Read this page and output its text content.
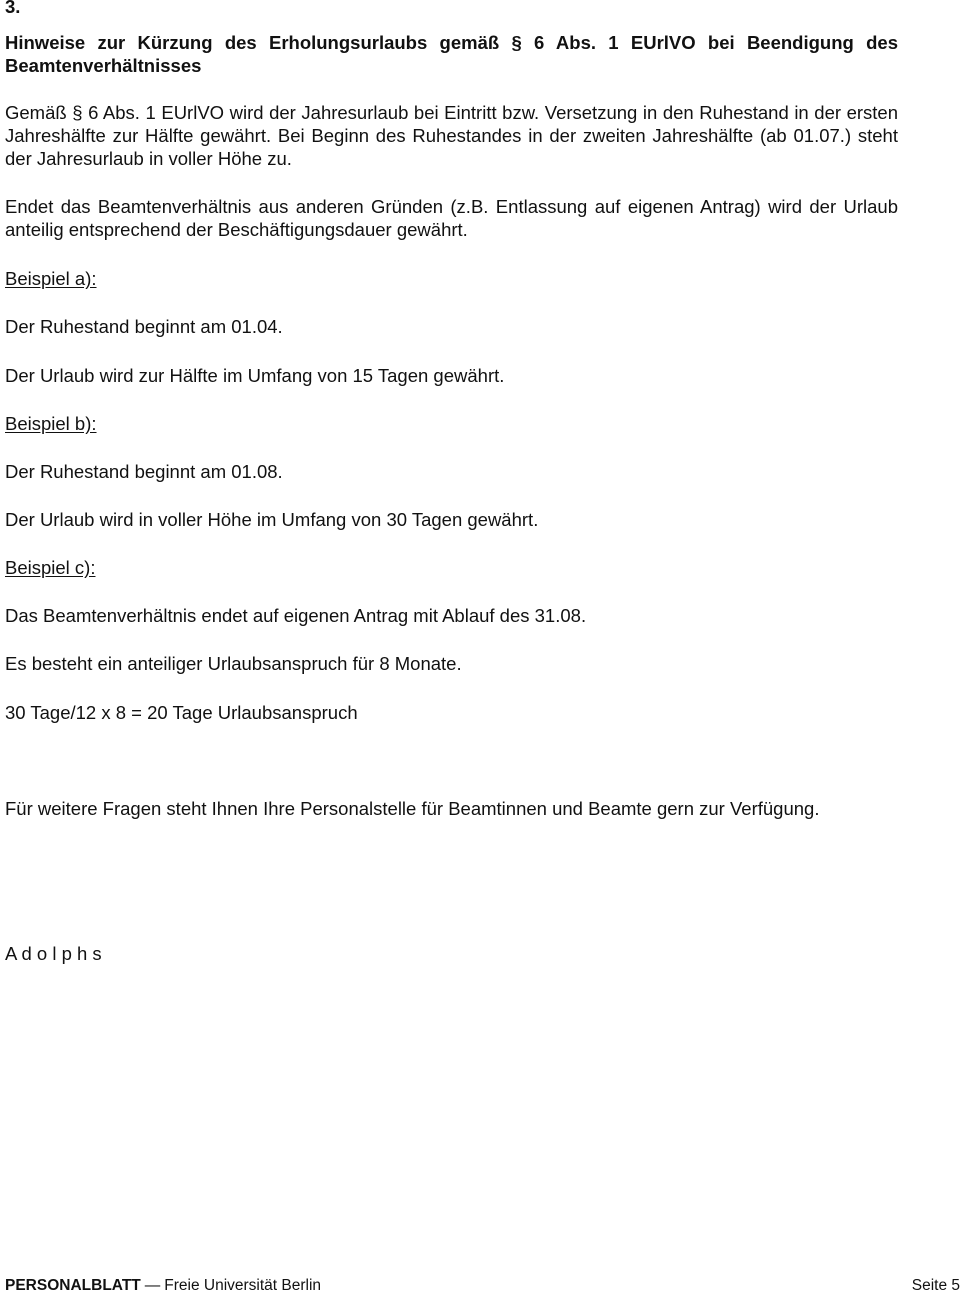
3.

Hinweise zur Kürzung des Erholungsurlaubs gemäß § 6 Abs. 1 EUrlVO bei Beendigung des Beamtenverhältnisses

Gemäß § 6 Abs. 1 EUrlVO wird der Jahresurlaub bei Eintritt bzw. Versetzung in den Ruhestand in der ersten Jahreshälfte zur Hälfte gewährt. Bei Beginn des Ruhestandes in der zweiten Jahreshälfte (ab 01.07.) steht der Jahresurlaub in voller Höhe zu.

Endet das Beamtenverhältnis aus anderen Gründen (z.B. Entlassung auf eigenen Antrag) wird der Urlaub anteilig entsprechend der Beschäftigungsdauer gewährt.

Beispiel a):

Der Ruhestand beginnt am 01.04.

Der Urlaub wird zur Hälfte im Umfang von 15 Tagen gewährt.

Beispiel b):

Der Ruhestand beginnt am 01.08.

Der Urlaub wird in voller Höhe im Umfang von 30 Tagen gewährt.

Beispiel c):

Das Beamtenverhältnis endet auf eigenen Antrag mit Ablauf des 31.08.

Es besteht ein anteiliger Urlaubsanspruch für 8 Monate.

30 Tage/12 x 8 = 20 Tage Urlaubsanspruch

Für weitere Fragen steht Ihnen Ihre Personalstelle für Beamtinnen und Beamte gern zur Verfügung.

A d o l p h s

PERSONALBLATT — Freie Universität Berlin	Seite 5
